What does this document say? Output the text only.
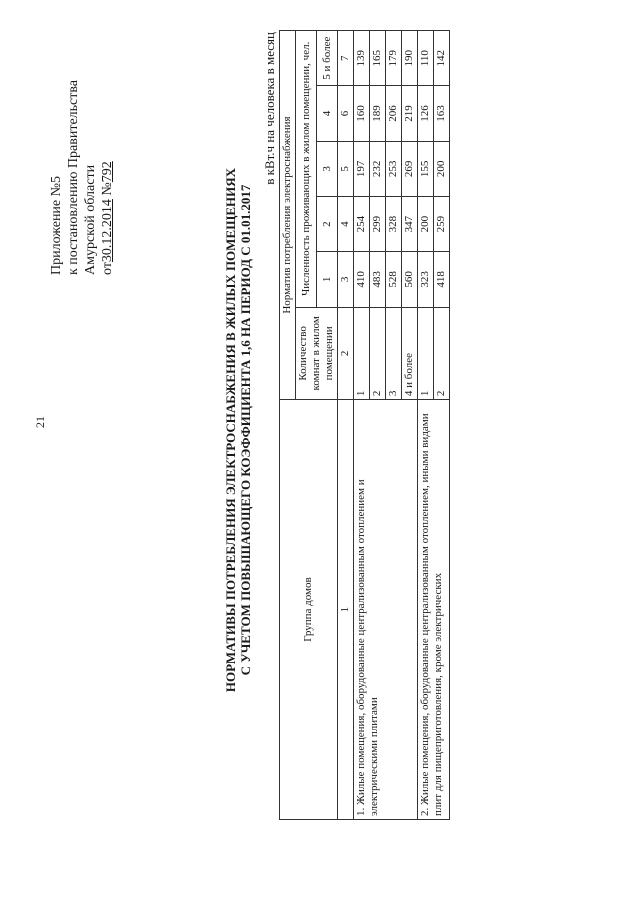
21
Приложение №5 к постановлению Правительства Амурской области от30.12.2014 №792	НОРМАТИВЫ ПОТРЕБЛЕНИЯ ЭЛЕКТРОСНАБЖЕНИЯ В ЖИЛЫХ ПОМЕЩЕНИЯХ С УЧЕТОМ ПОВЫШАЮЩЕГО КОЭФФИЦИЕНТА 1,6 НА ПЕРИОД С 01.01.2017
в кВт.ч на человека в месяц
Группа домов	Норматив потребления электроснабжения					
	Количество комнат в жилом помещении	Численность проживающих в жилом помещении, чел.				
		1	2	3	4	5 и более
1	2	3	4	5	6	7
1. Жилые помещения, оборудованные централизованным отоплением и электрическими плитами	1	410	254	197	160	139
	2	483	299	232	189	165
	3	528	328	253	206	179
	4 и более	560	347	269	219	190
2. Жилые помещения, оборудованные централизованным отоплением, иными видами плит для пищеприготовления, кроме электрических	1	323	200	155	126	110
	2	418	259	200	163	142
